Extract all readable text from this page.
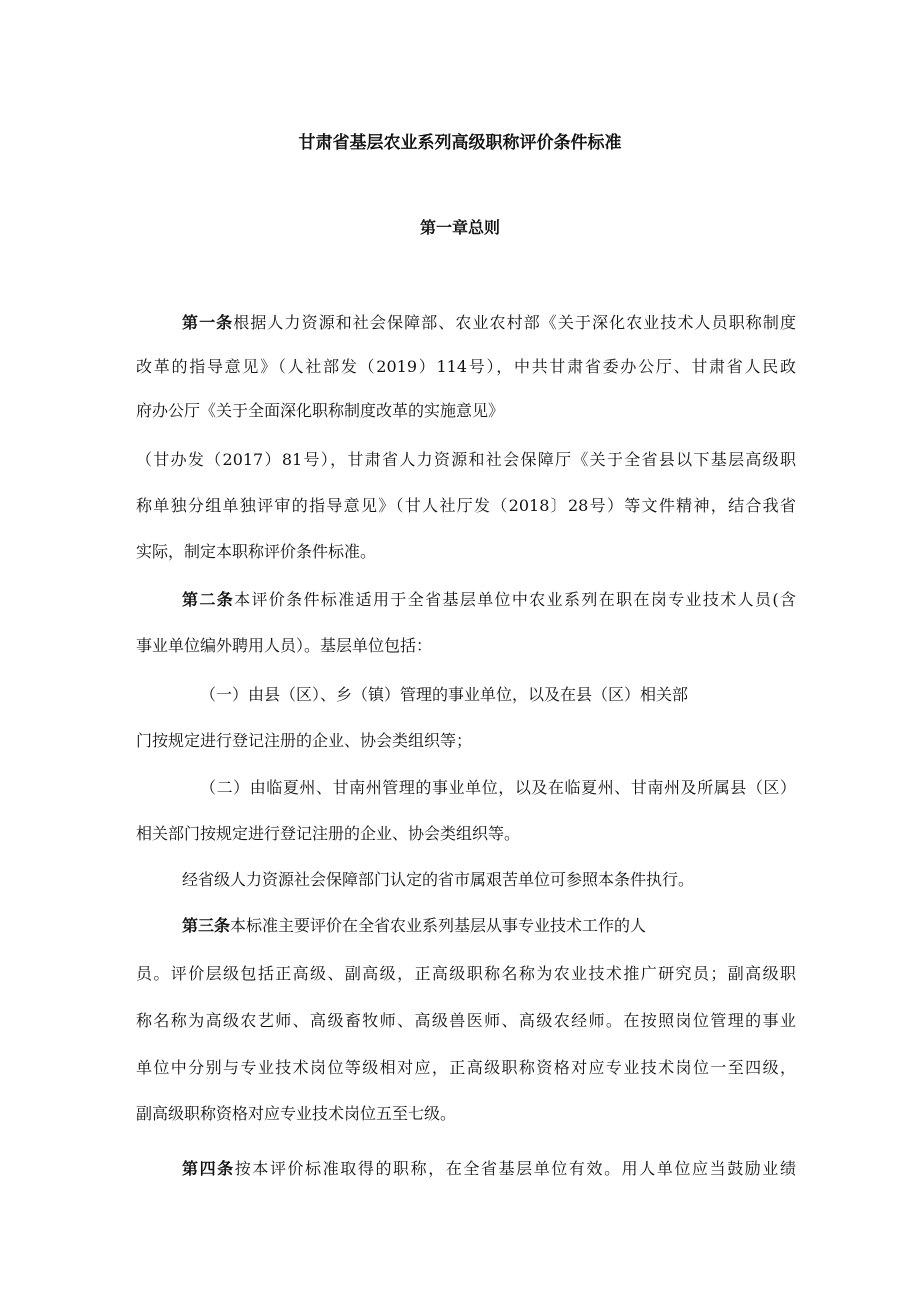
甘肃省基层农业系列高级职称评价条件标准
第一章总则
第一条根据人力资源和社会保障部、农业农村部《关于深化农业技术人员职称制度
改革的指导意见》（人社部发（2019）114号），中共甘肃省委办公厅、甘肃省人民政
府办公厅《关于全面深化职称制度改革的实施意见》
（甘办发（2017）81号），甘肃省人力资源和社会保障厅《关于全省县以下基层高级职
称单独分组单独评审的指导意见》（甘人社厅发（2018〕28号）等文件精神，结合我省
实际，制定本职称评价条件标准。
第二条本评价条件标准适用于全省基层单位中农业系列在职在岗专业技术人员(含
事业单位编外聘用人员）。基层单位包括：
（一）由县（区）、乡（镇）管理的事业单位，以及在县（区）相关部
门按规定进行登记注册的企业、协会类组织等；
（二）由临夏州、甘南州管理的事业单位，以及在临夏州、甘南州及所属县（区）
相关部门按规定进行登记注册的企业、协会类组织等。
经省级人力资源社会保障部门认定的省市属艰苦单位可参照本条件执行。
第三条本标准主要评价在全省农业系列基层从事专业技术工作的人
员。评价层级包括正高级、副高级，正高级职称名称为农业技术推广研究员；副高级职
称名称为高级农艺师、高级畜牧师、高级兽医师、高级农经师。在按照岗位管理的事业
单位中分别与专业技术岗位等级相对应，正高级职称资格对应专业技术岗位一至四级，
副高级职称资格对应专业技术岗位五至七级。
第四条按本评价标准取得的职称，在全省基层单位有效。用人单位应当鼓励业绩
